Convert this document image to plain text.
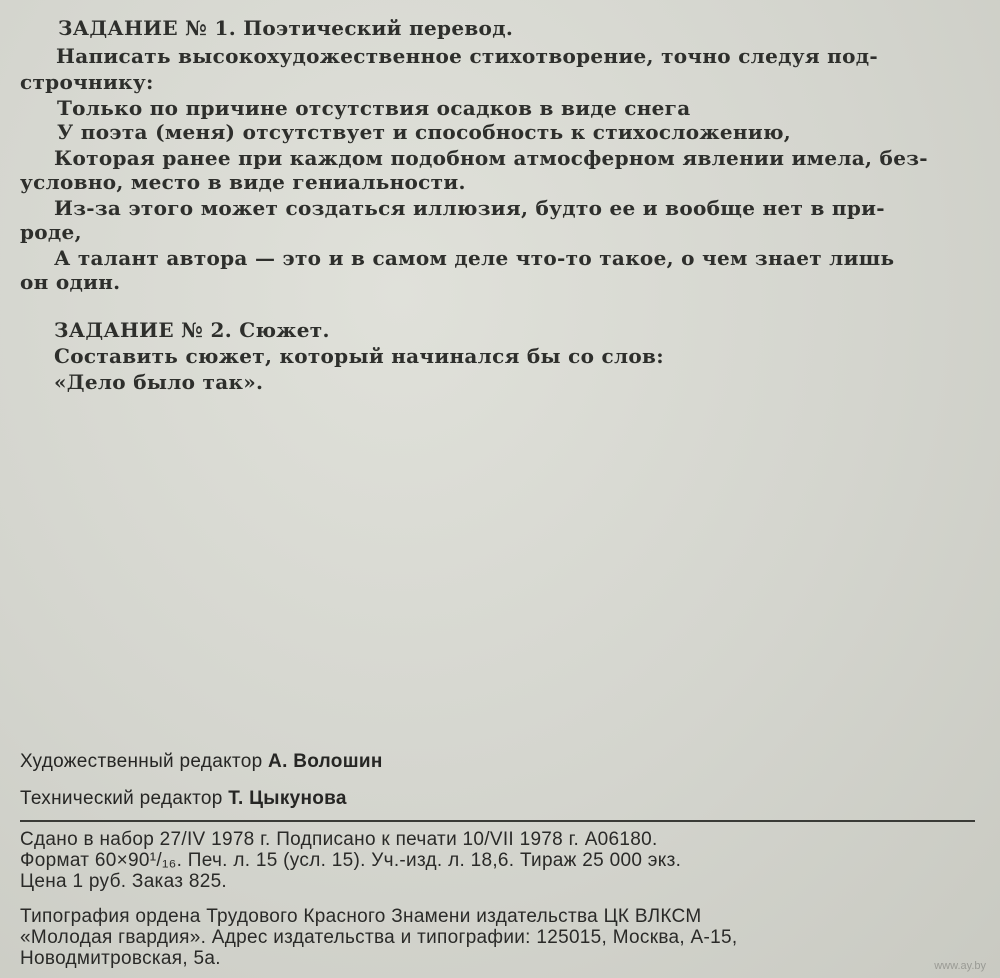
ЗАДАНИЕ № 1. Поэтический перевод.
Написать высокохудожественное стихотворение, точно следуя под-
строчнику:
Только по причине отсутствия осадков в виде снега
У поэта (меня) отсутствует и способность к стихосложению,
Которая ранее при каждом подобном атмосферном явлении имела, без-
условно, место в виде гениальности.
Из-за этого может создаться иллюзия, будто ее и вообще нет в при-
роде,
А талант автора — это и в самом деле что-то такое, о чем знает лишь
он один.
ЗАДАНИЕ № 2. Сюжет.
Составить сюжет, который начинался бы со слов:
«Дело было так».
Художественный редактор А. Волошин
Технический редактор Т. Цыкунова
Сдано в набор 27/IV 1978 г. Подписано к печати 10/VII 1978 г. А06180.
Формат 60×90¹/₁₆. Печ. л. 15 (усл. 15). Уч.-изд. л. 18,6. Тираж 25 000 экз.
Цена 1 руб. Заказ 825.
Типография ордена Трудового Красного Знамени издательства ЦК ВЛКСМ
«Молодая гвардия». Адрес издательства и типографии: 125015, Москва, А-15,
Новодмитровская, 5а.	www.ay.by
